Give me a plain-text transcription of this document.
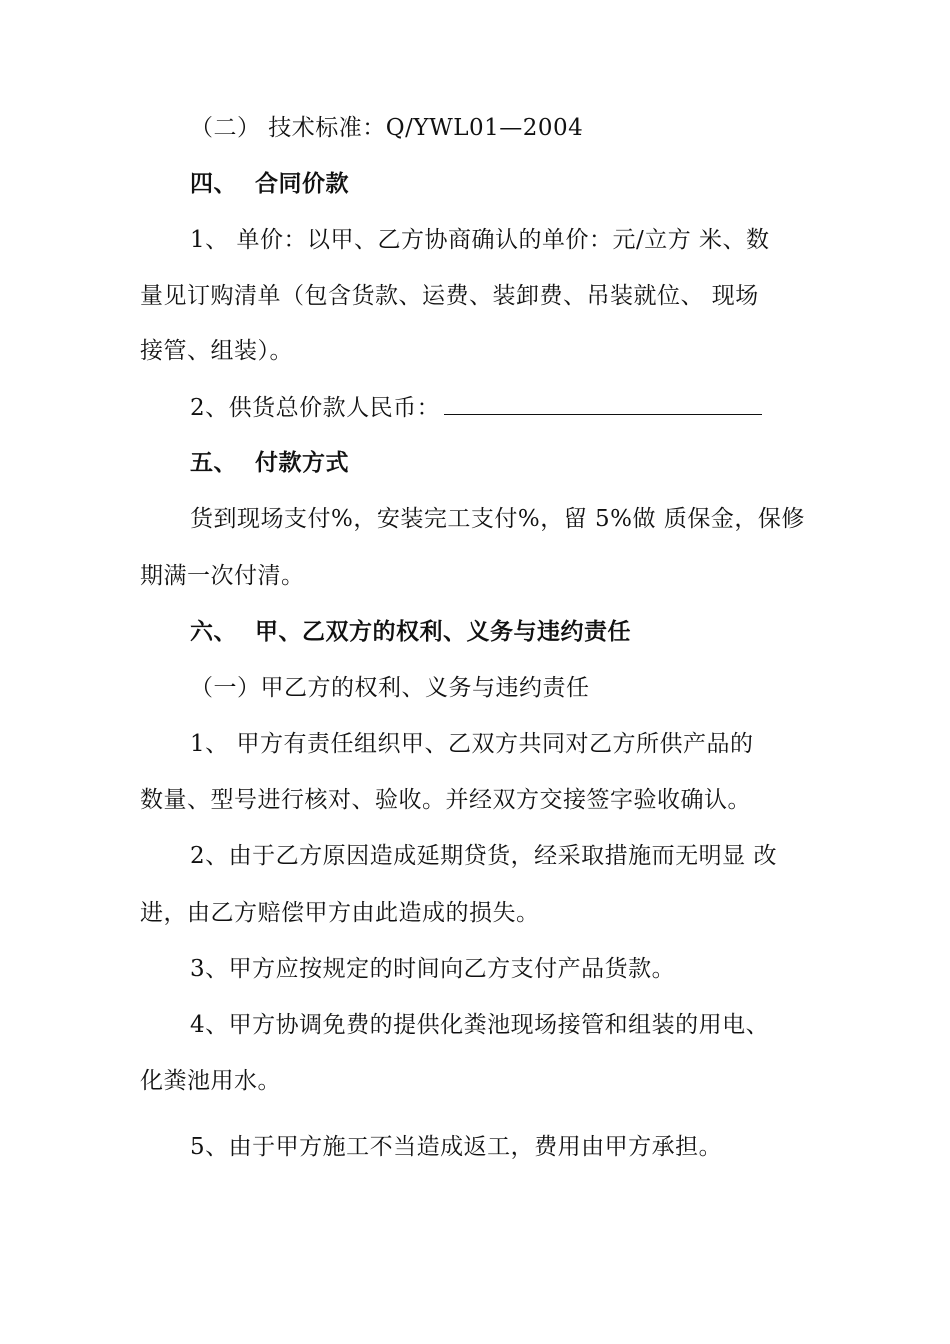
（二） 技术标准：Q/YWL01—2004
四、 合同价款
1、 单价：以甲、乙方协商确认的单价：元/立方 米、数
量见订购清单（包含货款、运费、装卸费、吊装就位、 现场
接管、组装）。
2、供货总价款人民币：
五、 付款方式
货到现场支付%，安装完工支付%，留 5%做 质保金，保修
期满一次付清。
六、 甲、乙双方的权利、义务与违约责任
（一）甲乙方的权利、义务与违约责任
1、 甲方有责任组织甲、乙双方共同对乙方所供产品的
数量、型号进行核对、验收。并经双方交接签字验收确认。
2、由于乙方原因造成延期贷货，经采取措施而无明显 改
进，由乙方赔偿甲方由此造成的损失。
3、甲方应按规定的时间向乙方支付产品货款。
4、甲方协调免费的提供化粪池现场接管和组装的用电、
化粪池用水。
5、由于甲方施工不当造成返工，费用由甲方承担。
